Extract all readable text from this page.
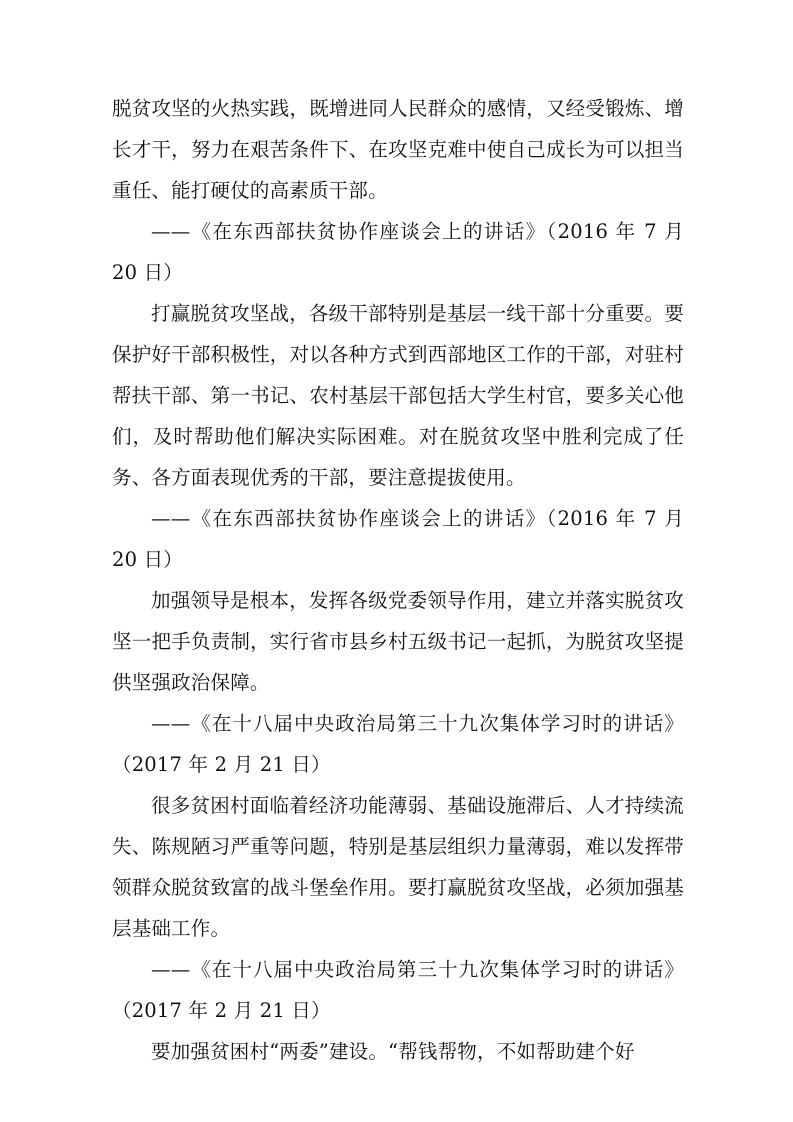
脱贫攻坚的火热实践，既增进同人民群众的感情，又经受锻炼、增长才干，努力在艰苦条件下、在攻坚克难中使自己成长为可以担当重任、能打硬仗的高素质干部。

——《在东西部扶贫协作座谈会上的讲话》（2016 年 7 月 20 日）

打赢脱贫攻坚战，各级干部特别是基层一线干部十分重要。要保护好干部积极性，对以各种方式到西部地区工作的干部，对驻村帮扶干部、第一书记、农村基层干部包括大学生村官，要多关心他们，及时帮助他们解决实际困难。对在脱贫攻坚中胜利完成了任务、各方面表现优秀的干部，要注意提拔使用。

——《在东西部扶贫协作座谈会上的讲话》（2016 年 7 月 20 日）

加强领导是根本，发挥各级党委领导作用，建立并落实脱贫攻坚一把手负责制，实行省市县乡村五级书记一起抓，为脱贫攻坚提供坚强政治保障。

——《在十八届中央政治局第三十九次集体学习时的讲话》（2017 年 2 月 21 日）

很多贫困村面临着经济功能薄弱、基础设施滞后、人才持续流失、陈规陋习严重等问题，特别是基层组织力量薄弱，难以发挥带领群众脱贫致富的战斗堡垒作用。要打赢脱贫攻坚战，必须加强基层基础工作。

——《在十八届中央政治局第三十九次集体学习时的讲话》（2017 年 2 月 21 日）

要加强贫困村“两委”建设。“帮钱帮物，不如帮助建个好
